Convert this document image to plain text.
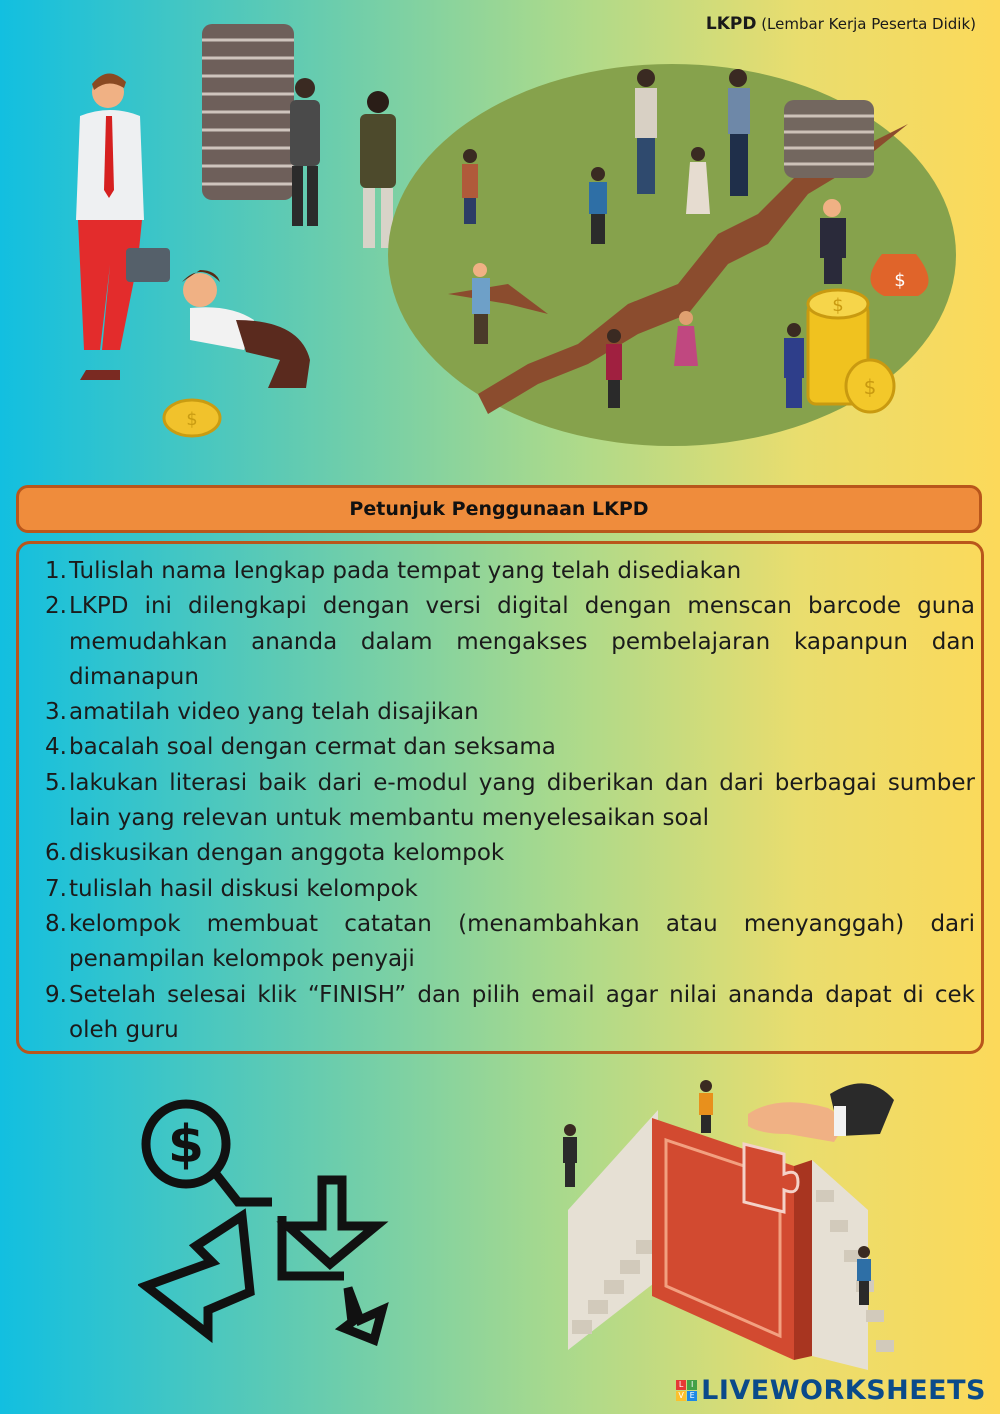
LKPD (Lembar Kerja Peserta Didik)
$
$
$
$
Petunjuk Penggunaan LKPD
1. Tulislah nama lengkap pada tempat yang telah disediakan
2. LKPD ini dilengkapi dengan versi digital dengan menscan barcode guna memudahkan ananda dalam mengakses pembelajaran kapanpun dan dimanapun
3. amatilah video yang telah disajikan
4. bacalah soal dengan cermat dan seksama
5. lakukan literasi baik dari e-modul yang diberikan dan dari berbagai sumber lain yang relevan untuk membantu menyelesaikan soal
6. diskusikan dengan anggota kelompok
7. tulislah hasil diskusi kelompok
8. kelompok membuat catatan (menambahkan atau menyanggah) dari penampilan kelompok penyaji
9. Setelah selesai klik “FINISH” dan pilih email agar nilai ananda dapat di cek oleh guru
$
L I
V E LIVEWORKSHEETS
